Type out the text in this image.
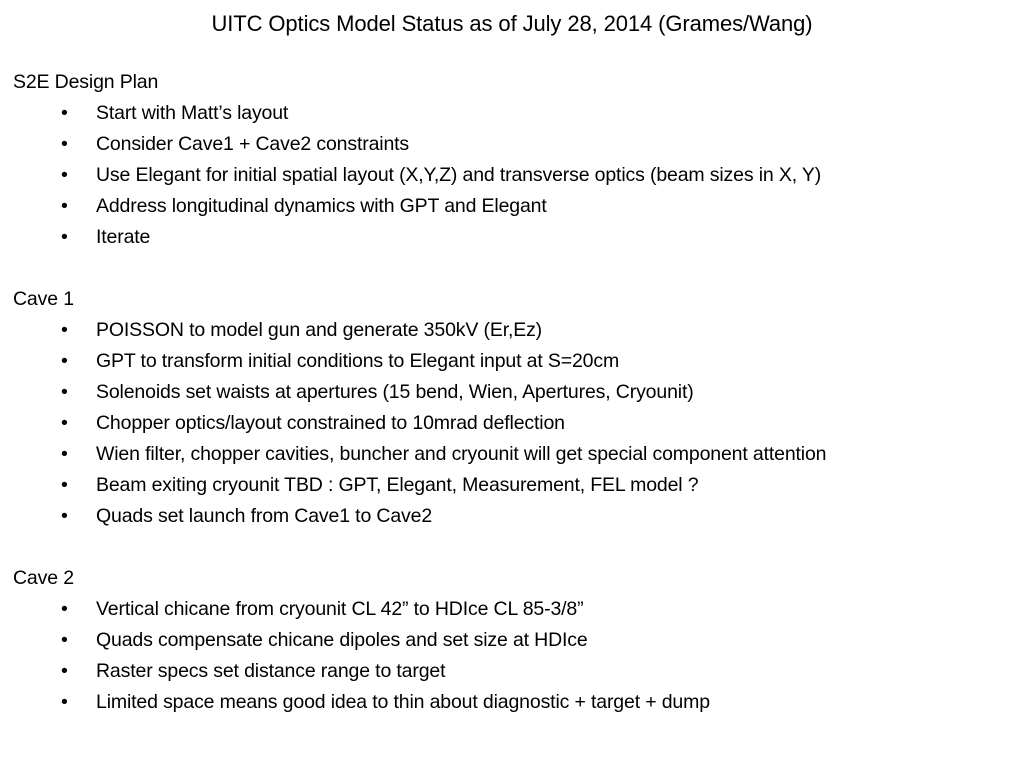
UITC Optics Model Status as of July 28, 2014 (Grames/Wang)
S2E Design Plan
• Start with Matt’s layout
• Consider Cave1 + Cave2 constraints
• Use Elegant for initial spatial layout (X,Y,Z) and transverse optics (beam sizes in X, Y)
• Address longitudinal dynamics with GPT and Elegant
• Iterate
Cave 1
• POISSON to model gun and generate 350kV (Er,Ez)
• GPT to transform initial conditions to Elegant input at S=20cm
• Solenoids set waists at apertures (15 bend, Wien, Apertures, Cryounit)
• Chopper optics/layout constrained to 10mrad deflection
• Wien filter, chopper cavities, buncher and cryounit will get special component attention
• Beam exiting cryounit TBD : GPT, Elegant, Measurement, FEL model ?
• Quads set launch from Cave1 to Cave2
Cave 2
• Vertical chicane from cryounit CL 42” to HDIce CL 85-3/8”
• Quads compensate chicane dipoles and set size at HDIce
• Raster specs set distance range to target
• Limited space means good idea to thin about diagnostic + target + dump
